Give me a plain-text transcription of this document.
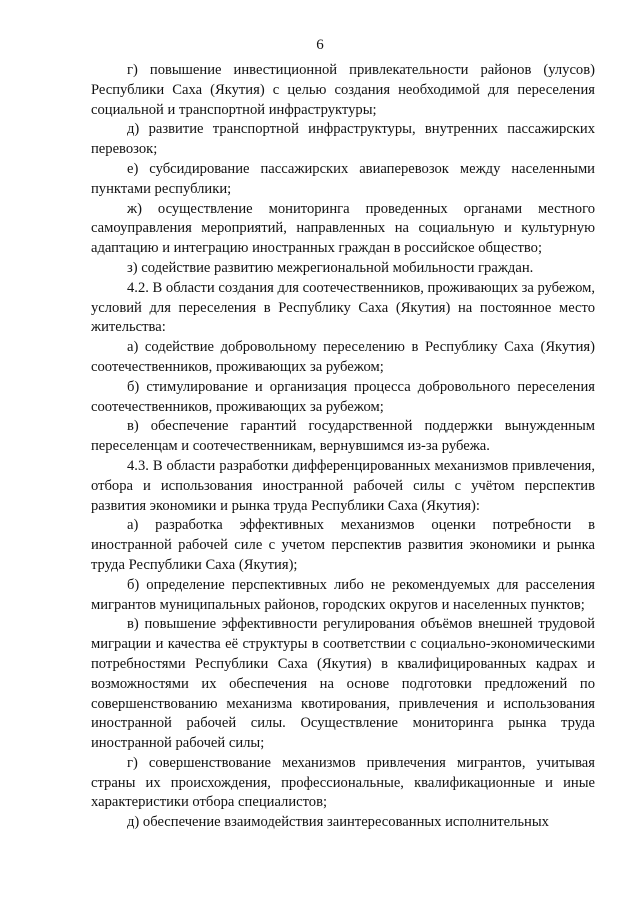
6

г) повышение инвестиционной привлекательности районов (улусов) Республики Саха (Якутия) с целью создания необходимой для переселения социальной и транспортной инфраструктуры;

д) развитие транспортной инфраструктуры, внутренних пассажирских перевозок;

е) субсидирование пассажирских авиаперевозок между населенными пунктами республики;

ж) осуществление мониторинга проведенных органами местного самоуправления мероприятий, направленных на социальную и культурную адаптацию и интеграцию иностранных граждан в российское общество;

з) содействие развитию межрегиональной мобильности граждан.

4.2. В области создания для соотечественников, проживающих за рубежом, условий для переселения в Республику Саха (Якутия) на постоянное место жительства:

а) содействие добровольному переселению в Республику Саха (Якутия) соотечественников, проживающих за рубежом;

б) стимулирование и организация процесса добровольного переселения соотечественников, проживающих за рубежом;

в) обеспечение гарантий государственной поддержки вынужденным переселенцам и соотечественникам, вернувшимся из-за рубежа.

4.3. В области разработки дифференцированных механизмов привлечения, отбора и использования иностранной рабочей силы с учётом перспектив развития экономики и рынка труда Республики Саха (Якутия):

а) разработка эффективных механизмов оценки потребности в иностранной рабочей силе с учетом перспектив развития экономики и рынка труда Республики Саха (Якутия);

б) определение перспективных либо не рекомендуемых для расселения мигрантов муниципальных районов, городских округов и населенных пунктов;

в) повышение эффективности регулирования объёмов внешней трудовой миграции и качества её структуры в соответствии с социально-экономическими потребностями Республики Саха (Якутия) в квалифицированных кадрах и возможностями их обеспечения на основе подготовки предложений по совершенствованию механизма квотирования, привлечения и использования иностранной рабочей силы. Осуществление мониторинга рынка труда иностранной рабочей силы;

г) совершенствование механизмов привлечения мигрантов, учитывая страны их происхождения, профессиональные, квалификационные и иные характеристики отбора специалистов;

д) обеспечение взаимодействия заинтересованных исполнительных
